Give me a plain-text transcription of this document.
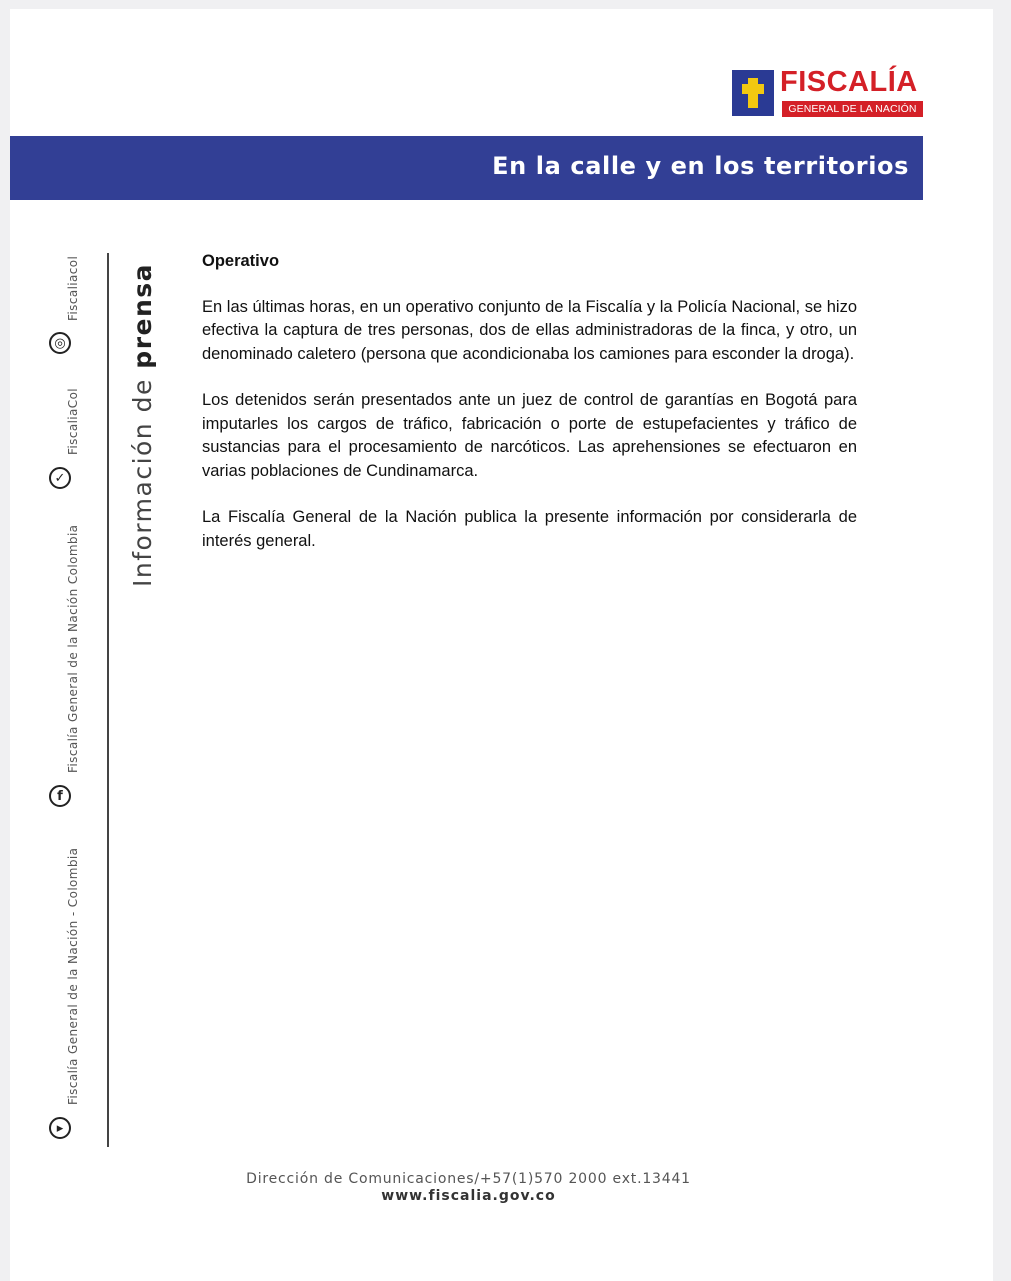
FISCALÍA
GENERAL DE LA NACIÓN
En la calle y en los territorios
◎
Fiscaliacol
✓
FiscaliaCol
f
Fiscalía General de la Nación Colombia
▸
Fiscalía General de la Nación - Colombia
Información de prensa
Operativo

En las últimas horas, en un operativo conjunto de la Fiscalía y la Policía Nacional, se hizo efectiva la captura de tres personas, dos de ellas administradoras de la finca, y otro, un denominado caletero (persona que acondicionaba los camiones para esconder la droga).

Los detenidos serán presentados ante un juez de control de garantías en Bogotá para imputarles los cargos de tráfico, fabricación o porte de estupefacientes y tráfico de sustancias para el procesamiento de narcóticos. Las aprehensiones se efectuaron en varias poblaciones de Cundinamarca.

La Fiscalía General de la Nación publica la presente información por considerarla de interés general.

Dirección de Comunicaciones/+57(1)570 2000 ext.13441
www.fiscalia.gov.co
